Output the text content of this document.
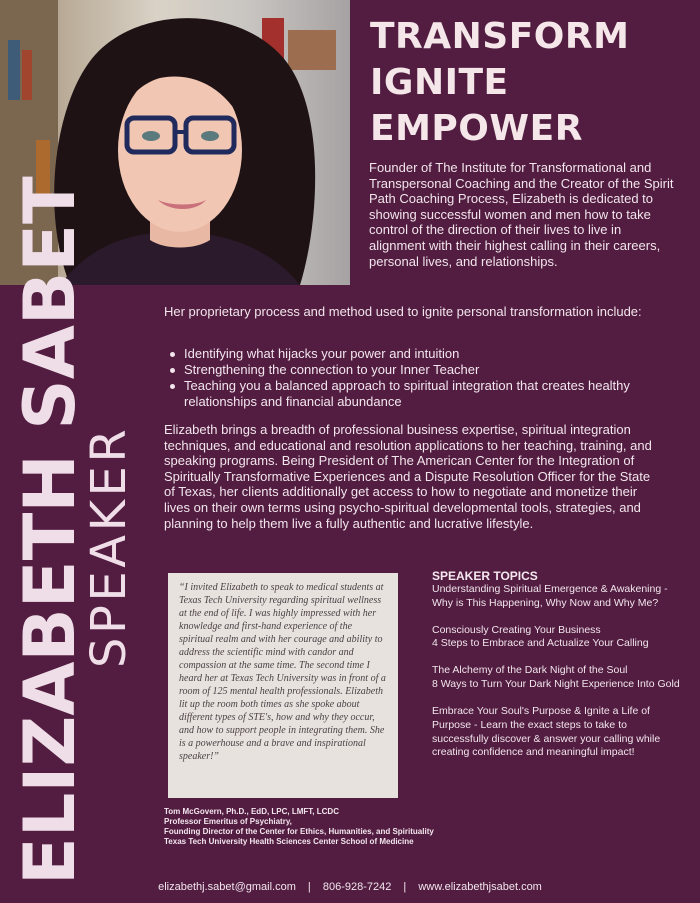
TRANSFORM
IGNITE
EMPOWER

Founder of The Institute for Transformational and Transpersonal Coaching and the Creator of the Spirit Path Coaching Process, Elizabeth is dedicated to showing successful women and men how to take control of the direction of their lives to live in alignment with their highest calling in their careers, personal lives, and relationships.

ELIZABETH SABET
SPEAKER

Her proprietary process and method used to ignite personal transformation include:

Identifying what hijacks your power and intuition
Strengthening the connection to your Inner Teacher
Teaching you a balanced approach to spiritual integration that creates healthy relationships and financial abundance

Elizabeth brings a breadth of professional business expertise, spiritual integration techniques, and educational and resolution applications to her teaching, training, and speaking programs. Being President of The American Center for the Integration of Spiritually Transformative Experiences and a Dispute Resolution Officer for the State of Texas, her clients additionally get access to how to negotiate and monetize their lives on their own terms using psycho-spiritual developmental tools, strategies, and planning to help them live a fully authentic and lucrative lifestyle.

“I invited Elizabeth to speak to medical students at Texas Tech University regarding spiritual wellness at the end of life. I was highly impressed with her knowledge and first-hand experience of the spiritual realm and with her courage and ability to address the scientific mind with candor and compassion at the same time. The second time I heard her at Texas Tech University was in front of a room of 125 mental health professionals. Elizabeth lit up the room both times as she spoke about different types of STE's, how and why they occur, and how to support people in integrating them. She is a powerhouse and a brave and inspirational speaker!”

Tom McGovern, Ph.D., EdD, LPC, LMFT, LCDC
Professor Emeritus of Psychiatry,
Founding Director of the Center for Ethics, Humanities, and Spirituality
Texas Tech University Health Sciences Center School of Medicine
SPEAKER TOPICS
Understanding Spiritual Emergence & Awakening - Why is This Happening, Why Now and Why Me?
Consciously Creating Your Business
4 Steps to Embrace and Actualize Your Calling
The Alchemy of the Dark Night of the Soul
8 Ways to Turn Your Dark Night Experience Into Gold
Embrace Your Soul's Purpose & Ignite a Life of Purpose - Learn the exact steps to take to successfully discover & answer your calling while creating confidence and meaningful impact!
elizabethj.sabet@gmail.com | 806-928-7242 | www.elizabethjsabet.com
